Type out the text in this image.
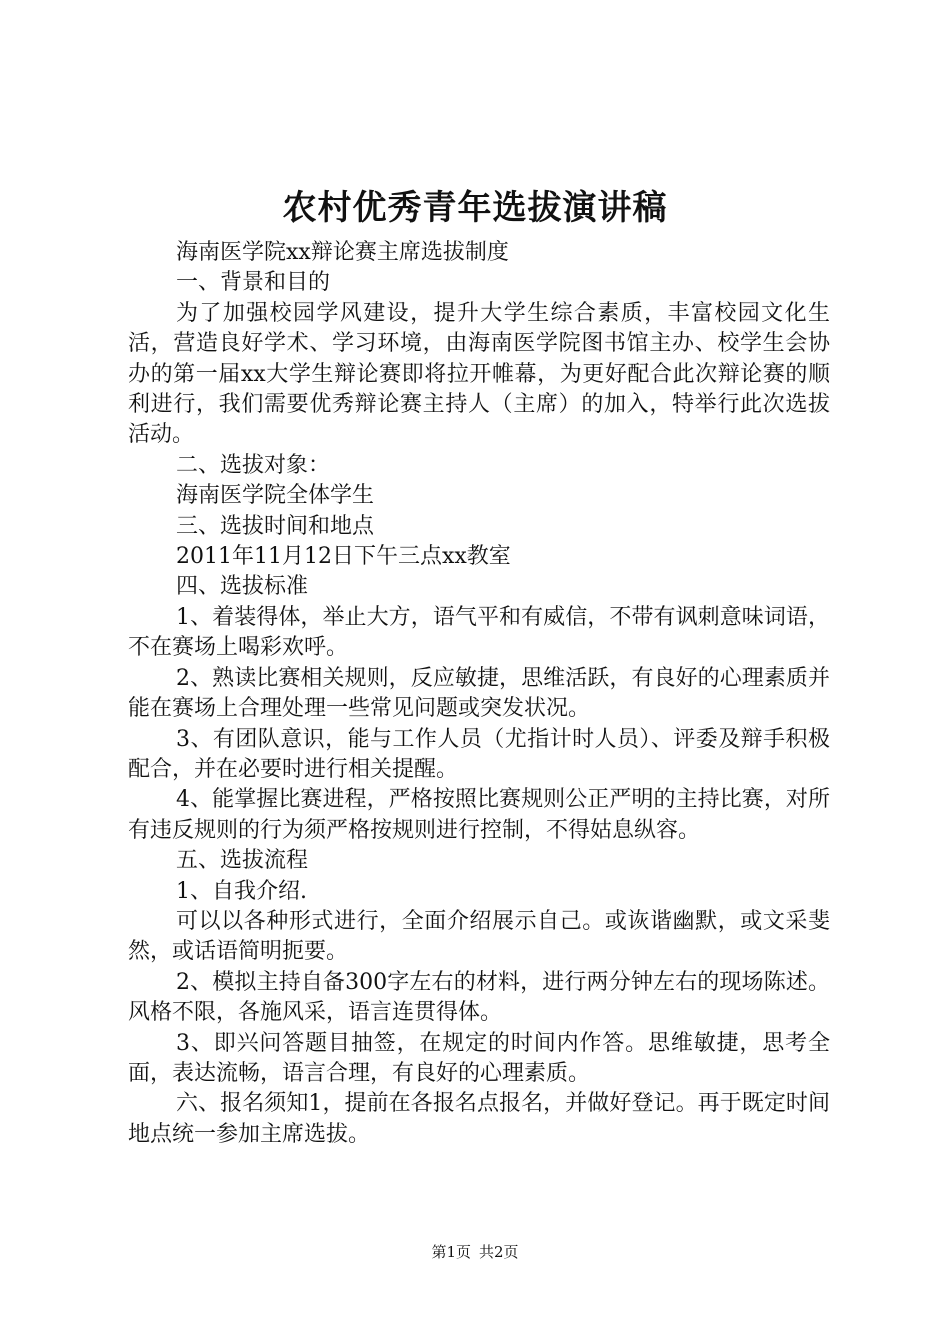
农村优秀青年选拔演讲稿

海南医学院xx辩论赛主席选拔制度

一、背景和目的

为了加强校园学风建设，提升大学生综合素质，丰富校园文化生活，营造良好学术、学习环境，由海南医学院图书馆主办、校学生会协办的第一届xx大学生辩论赛即将拉开帷幕，为更好配合此次辩论赛的顺利进行，我们需要优秀辩论赛主持人（主席）的加入，特举行此次选拔活动。

二、选拔对象：

海南医学院全体学生

三、选拔时间和地点

2011年11月12日下午三点xx教室

四、选拔标准

1、着装得体，举止大方，语气平和有威信，不带有讽刺意味词语，不在赛场上喝彩欢呼。

2、熟读比赛相关规则，反应敏捷，思维活跃，有良好的心理素质并能在赛场上合理处理一些常见问题或突发状况。

3、有团队意识，能与工作人员（尤指计时人员）、评委及辩手积极配合，并在必要时进行相关提醒。

4、能掌握比赛进程，严格按照比赛规则公正严明的主持比赛，对所有违反规则的行为须严格按规则进行控制，不得姑息纵容。

五、选拔流程

1、自我介绍.

可以以各种形式进行，全面介绍展示自己。或诙谐幽默，或文采斐然，或话语简明扼要。

2、模拟主持自备300字左右的材料，进行两分钟左右的现场陈述。风格不限，各施风采，语言连贯得体。

3、即兴问答题目抽签，在规定的时间内作答。思维敏捷，思考全面，表达流畅，语言合理，有良好的心理素质。

六、报名须知1，提前在各报名点报名，并做好登记。再于既定时间地点统一参加主席选拔。

第1页 共2页
